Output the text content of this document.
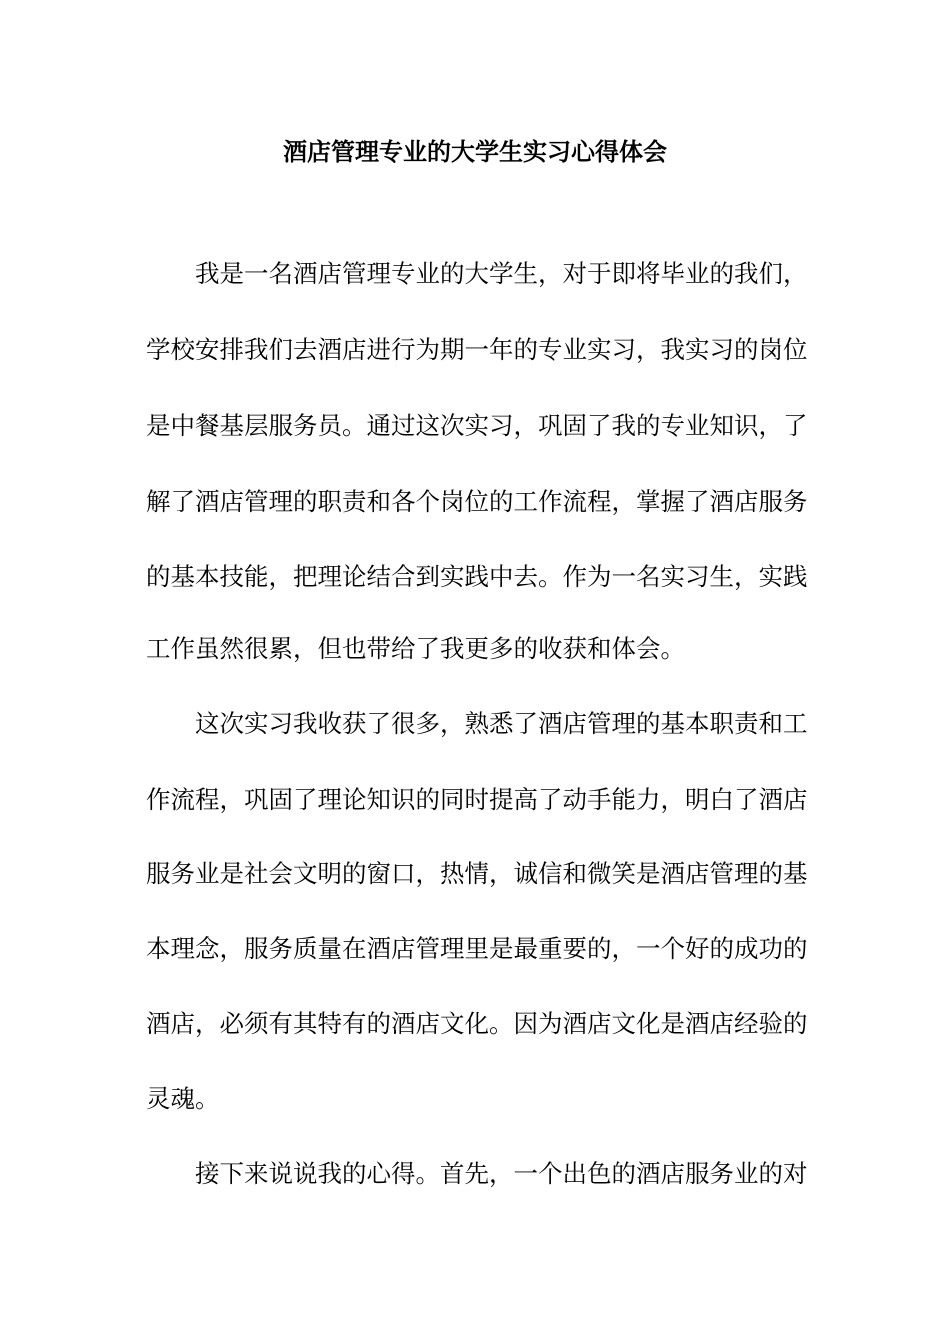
酒店管理专业的大学生实习心得体会
我是一名酒店管理专业的大学生，对于即将毕业的我们，
学校安排我们去酒店进行为期一年的专业实习，我实习的岗位
是中餐基层服务员。通过这次实习，巩固了我的专业知识，了
解了酒店管理的职责和各个岗位的工作流程，掌握了酒店服务
的基本技能，把理论结合到实践中去。作为一名实习生，实践
工作虽然很累，但也带给了我更多的收获和体会。
这次实习我收获了很多，熟悉了酒店管理的基本职责和工
作流程，巩固了理论知识的同时提高了动手能力，明白了酒店
服务业是社会文明的窗口，热情，诚信和微笑是酒店管理的基
本理念，服务质量在酒店管理里是最重要的，一个好的成功的
酒店，必须有其特有的酒店文化。因为酒店文化是酒店经验的
灵魂。
接下来说说我的心得。首先，一个出色的酒店服务业的对
